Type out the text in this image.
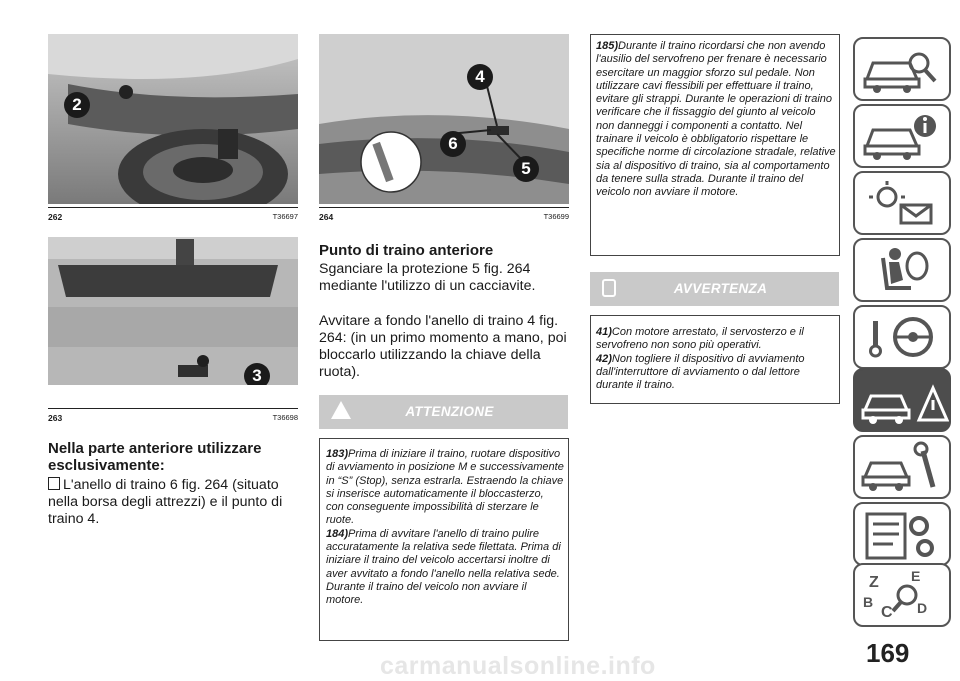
2
262	T36697
3
263	T36698
Nella parte anteriore utilizzare esclusivamente:
L'anello di traino 6 fig. 264 (situato nella borsa degli attrezzi) e il punto di traino 4.
4
6
5
264	T36699
Punto di traino anteriore
Sganciare la protezione 5 fig. 264 mediante l'utilizzo di un cacciavite.
Avvitare a fondo l'anello di traino 4 fig. 264: (in un primo momento a mano, poi bloccarlo utilizzando la chiave della ruota).
ATTENZIONE
183)Prima di iniziare il traino, ruotare dispositivo di avviamento in posizione M e successivamente in “S” (Stop), senza estrarla. Estraendo la chiave si inserisce automaticamente il bloccasterzo, con conseguente impossibilità di sterzare le ruote.
184)Prima di avvitare l'anello di traino pulire accuratamente la relativa sede filettata. Prima di iniziare il traino del veicolo accertarsi inoltre di aver avvitato a fondo l'anello nella relativa sede. Durante il traino del veicolo non avviare il motore.
185)Durante il traino ricordarsi che non avendo l'ausilio del servofreno per frenare è necessario esercitare un maggior sforzo sul pedale. Non utilizzare cavi flessibili per effettuare il traino, evitare gli strappi. Durante le operazioni di traino verificare che il fissaggio del giunto al veicolo non danneggi i componenti a contatto. Nel trainare il veicolo è obbligatorio rispettare le specifiche norme di circolazione stradale, relative sia al dispositivo di traino, sia al comportamento da tenere sulla strada. Durante il traino del veicolo non avviare il motore.
AVVERTENZA
41)Con motore arrestato, il servosterzo e il servofreno non sono più operativi.
42)Non togliere il dispositivo di avviamento dall'interruttore di avviamento o dal lettore durante il traino.
Z E
B
C D
169
carmanualsonline.info
